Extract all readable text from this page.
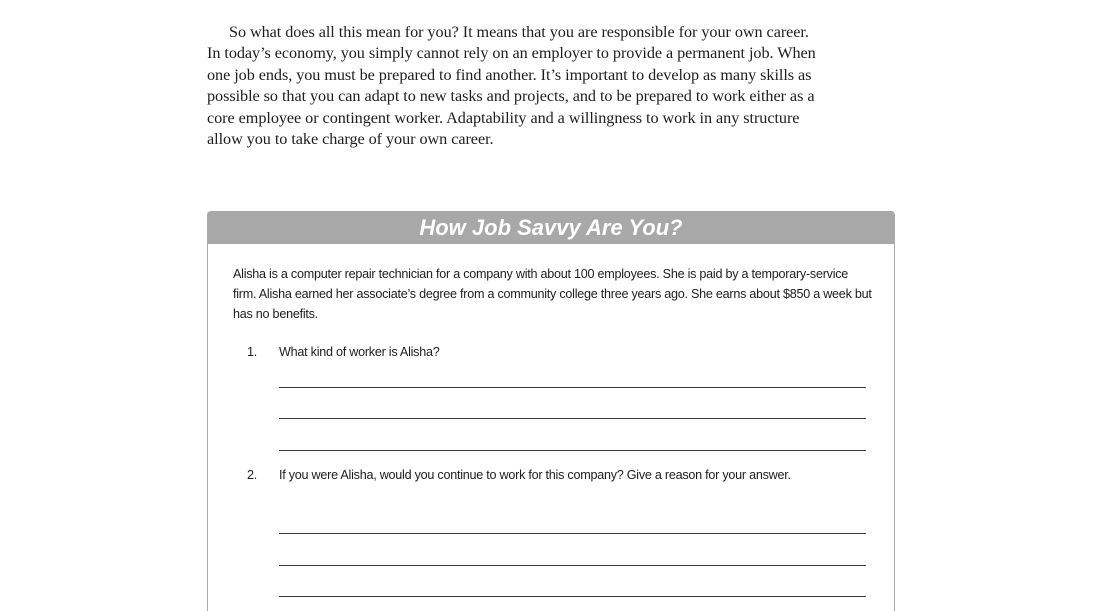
So what does all this mean for you? It means that you are responsible for your own career. In today’s economy, you simply cannot rely on an employer to provide a permanent job. When one job ends, you must be prepared to find another. It’s important to develop as many skills as possible so that you can adapt to new tasks and projects, and to be prepared to work either as a core employee or contingent worker. Adaptability and a willingness to work in any structure allow you to take charge of your own career.

How Job Savvy Are You?

Alisha is a computer repair technician for a company with about 100 employees. She is paid by a temporary-service firm. Alisha earned her associate’s degree from a community college three years ago. She earns about $850 a week but has no benefits.

1.	What kind of worker is Alisha?
2.	If you were Alisha, would you continue to work for this company? Give a reason for your answer.
